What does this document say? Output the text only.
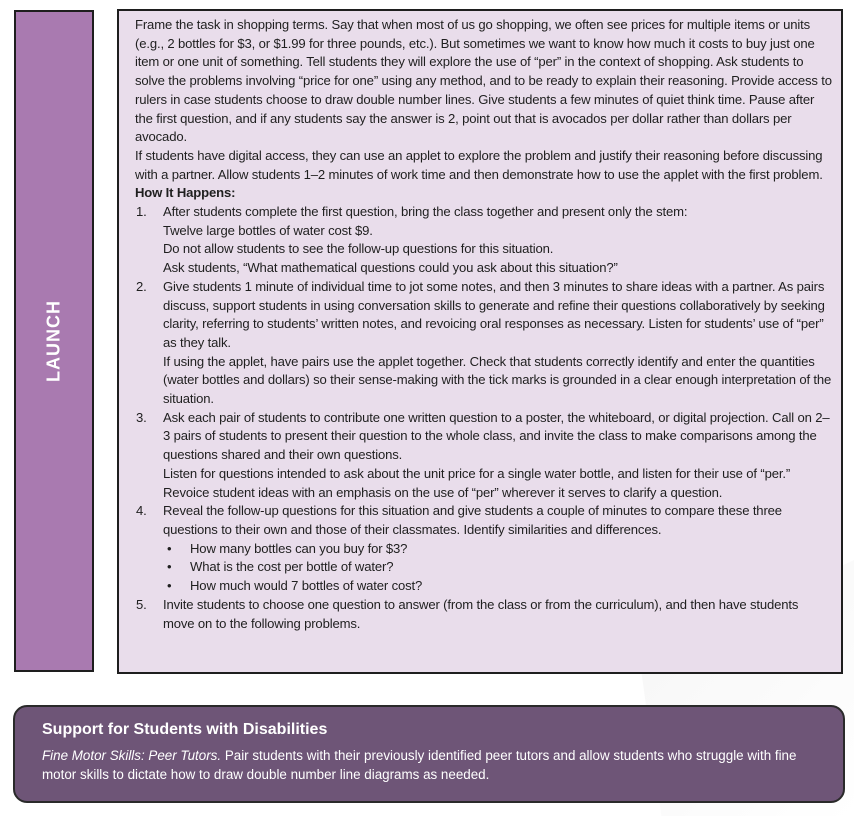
LAUNCH

Frame the task in shopping terms. Say that when most of us go shopping, we often see prices for multiple items or units (e.g., 2 bottles for $3, or $1.99 for three pounds, etc.). But sometimes we want to know how much it costs to buy just one item or one unit of something. Tell students they will explore the use of “per” in the context of shopping. Ask students to solve the problems involving “price for one” using any method, and to be ready to explain their reasoning. Provide access to rulers in case students choose to draw double number lines. Give students a few minutes of quiet think time. Pause after the first question, and if any students say the answer is 2, point out that is avocados per dollar rather than dollars per avocado.

If students have digital access, they can use an applet to explore the problem and justify their reasoning before discussing with a partner. Allow students 1–2 minutes of work time and then demonstrate how to use the applet with the first problem.

How It Happens:

1. After students complete the first question, bring the class together and present only the stem:

Twelve large bottles of water cost $9.

Do not allow students to see the follow-up questions for this situation.

Ask students, “What mathematical questions could you ask about this situation?”

2. Give students 1 minute of individual time to jot some notes, and then 3 minutes to share ideas with a partner. As pairs discuss, support students in using conversation skills to generate and refine their questions collaboratively by seeking clarity, referring to students’ written notes, and revoicing oral responses as necessary. Listen for students’ use of “per” as they talk.

If using the applet, have pairs use the applet together. Check that students correctly identify and enter the quantities (water bottles and dollars) so their sense-making with the tick marks is grounded in a clear enough interpretation of the situation.

3. Ask each pair of students to contribute one written question to a poster, the whiteboard, or digital projection. Call on 2–3 pairs of students to present their question to the whole class, and invite the class to make comparisons among the questions shared and their own questions.

Listen for questions intended to ask about the unit price for a single water bottle, and listen for their use of “per.” Revoice student ideas with an emphasis on the use of “per” wherever it serves to clarify a question.

4. Reveal the follow-up questions for this situation and give students a couple of minutes to compare these three questions to their own and those of their classmates. Identify similarities and differences.

• How many bottles can you buy for $3?
• What is the cost per bottle of water?
• How much would 7 bottles of water cost?
5. Invite students to choose one question to answer (from the class or from the curriculum), and then have students move on to the following problems.

Support for Students with Disabilities

Fine Motor Skills: Peer Tutors. Pair students with their previously identified peer tutors and allow students who struggle with fine motor skills to dictate how to draw double number line diagrams as needed.
